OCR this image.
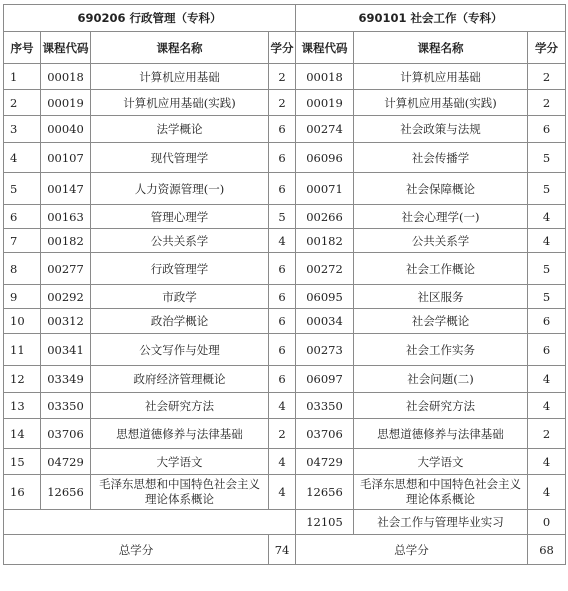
690206 行政管理（专科）				690101 社会工作（专科）		
序号	课程代码	课程名称	学分	课程代码	课程名称	学分
1	00018	计算机应用基础	2	00018	计算机应用基础	2
2	00019	计算机应用基础(实践)	2	00019	计算机应用基础(实践)	2
3	00040	法学概论	6	00274	社会政策与法规	6
4	00107	现代管理学	6	06096	社会传播学	5
5	00147	人力资源管理(一)	6	00071	社会保障概论	5
6	00163	管理心理学	5	00266	社会心理学(一)	4
7	00182	公共关系学	4	00182	公共关系学	4
8	00277	行政管理学	6	00272	社会工作概论	5
9	00292	市政学	6	06095	社区服务	5
10	00312	政治学概论	6	00034	社会学概论	6
11	00341	公文写作与处理	6	00273	社会工作实务	6
12	03349	政府经济管理概论	6	06097	社会问题(二)	4
13	03350	社会研究方法	4	03350	社会研究方法	4
14	03706	思想道德修养与法律基础	2	03706	思想道德修养与法律基础	2
15	04729	大学语文	4	04729	大学语文	4
16	12656	毛泽东思想和中国特色社会主义理论体系概论	4	12656	毛泽东思想和中国特色社会主义理论体系概论	4
				12105	社会工作与管理毕业实习	0
总学分			74	总学分		68
